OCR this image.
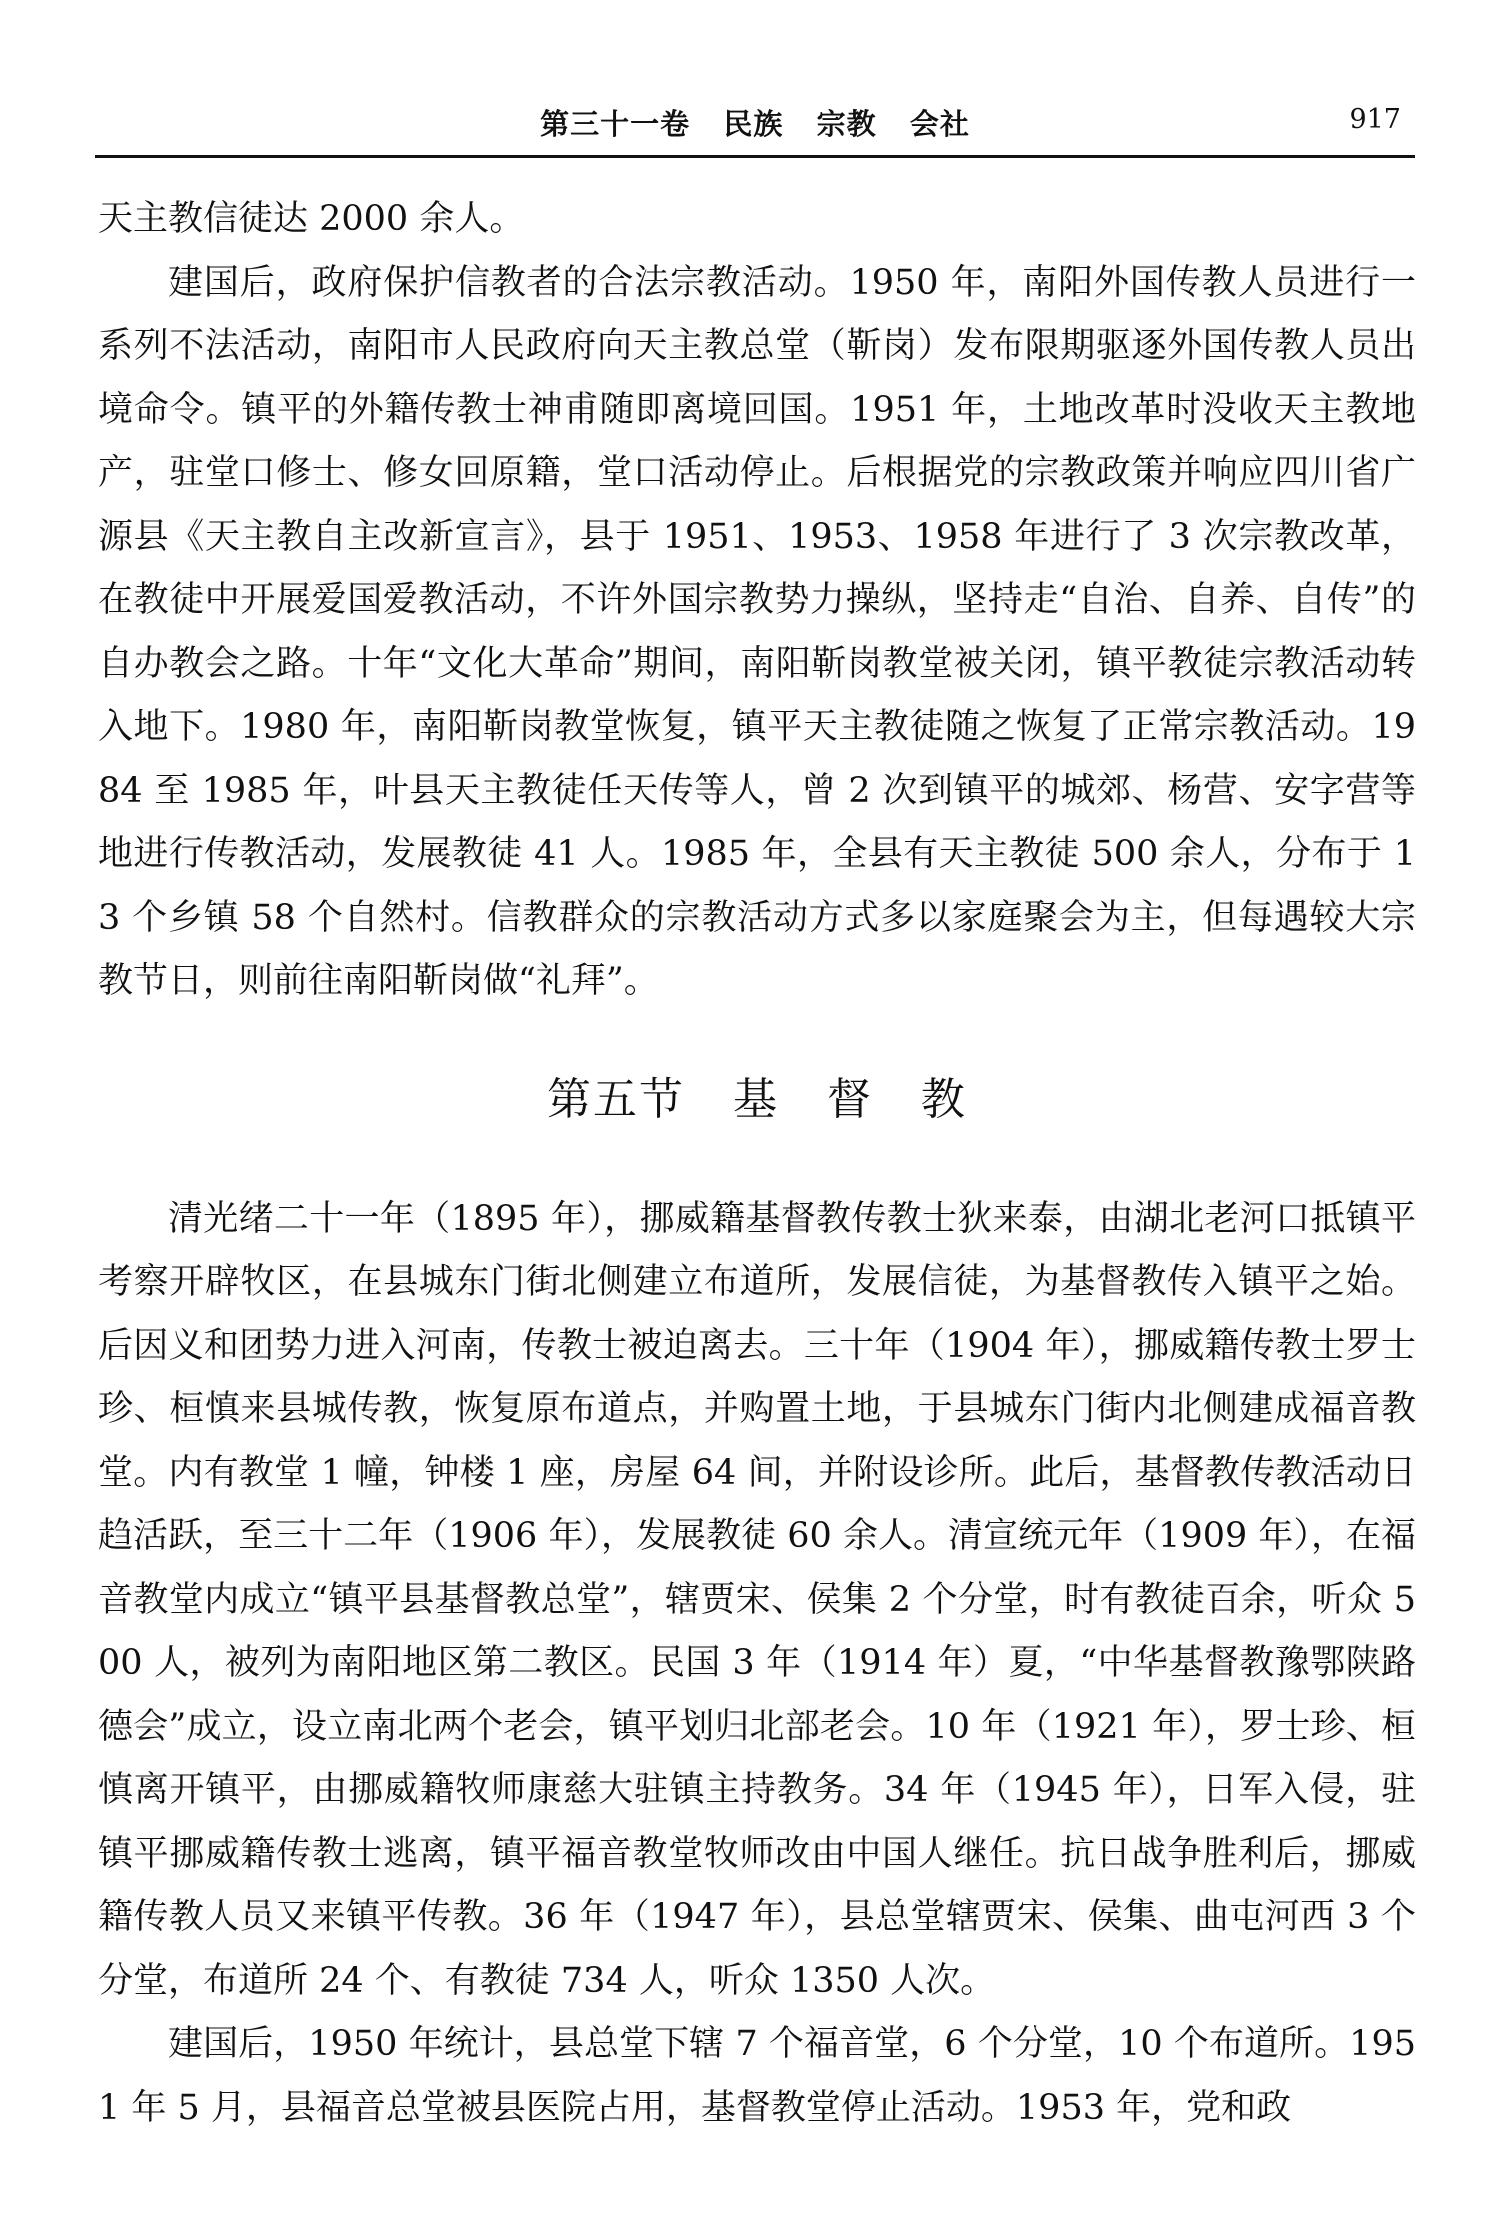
第三十一卷   民族   宗教   会社	917

天主教信徒达 2000 余人。

建国后，政府保护信教者的合法宗教活动。1950 年，南阳外国传教人员进行一系列不法活动，南阳市人民政府向天主教总堂（靳岗）发布限期驱逐外国传教人员出境命令。镇平的外籍传教士神甫随即离境回国。1951 年，土地改革时没收天主教地产，驻堂口修士、修女回原籍，堂口活动停止。后根据党的宗教政策并响应四川省广源县《天主教自主改新宣言》，县于 1951、1953、1958 年进行了 3 次宗教改革，在教徒中开展爱国爱教活动，不许外国宗教势力操纵，坚持走“自治、自养、自传”的自办教会之路。十年“文化大革命”期间，南阳靳岗教堂被关闭，镇平教徒宗教活动转入地下。1980 年，南阳靳岗教堂恢复，镇平天主教徒随之恢复了正常宗教活动。1984 至 1985 年，叶县天主教徒任天传等人，曾 2 次到镇平的城郊、杨营、安字营等地进行传教活动，发展教徒 41 人。1985 年，全县有天主教徒 500 余人，分布于 13 个乡镇 58 个自然村。信教群众的宗教活动方式多以家庭聚会为主，但每遇较大宗教节日，则前往南阳靳岗做“礼拜”。

第五节   基   督   教

清光绪二十一年（1895 年），挪威籍基督教传教士狄来泰，由湖北老河口抵镇平考察开辟牧区，在县城东门街北侧建立布道所，发展信徒，为基督教传入镇平之始。后因义和团势力进入河南，传教士被迫离去。三十年（1904 年），挪威籍传教士罗士珍、桓慎来县城传教，恢复原布道点，并购置土地，于县城东门街内北侧建成福音教堂。内有教堂 1 幢，钟楼 1 座，房屋 64 间，并附设诊所。此后，基督教传教活动日趋活跃，至三十二年（1906 年），发展教徒 60 余人。清宣统元年（1909 年），在福音教堂内成立“镇平县基督教总堂”，辖贾宋、侯集 2 个分堂，时有教徒百余，听众 500 人，被列为南阳地区第二教区。民国 3 年（1914 年）夏，“中华基督教豫鄂陕路德会”成立，设立南北两个老会，镇平划归北部老会。10 年（1921 年），罗士珍、桓慎离开镇平，由挪威籍牧师康慈大驻镇主持教务。34 年（1945 年），日军入侵，驻镇平挪威籍传教士逃离，镇平福音教堂牧师改由中国人继任。抗日战争胜利后，挪威籍传教人员又来镇平传教。36 年（1947 年），县总堂辖贾宋、侯集、曲屯河西 3 个分堂，布道所 24 个、有教徒 734 人，听众 1350 人次。

建国后，1950 年统计，县总堂下辖 7 个福音堂，6 个分堂，10 个布道所。1951 年 5 月，县福音总堂被县医院占用，基督教堂停止活动。1953 年，党和政
